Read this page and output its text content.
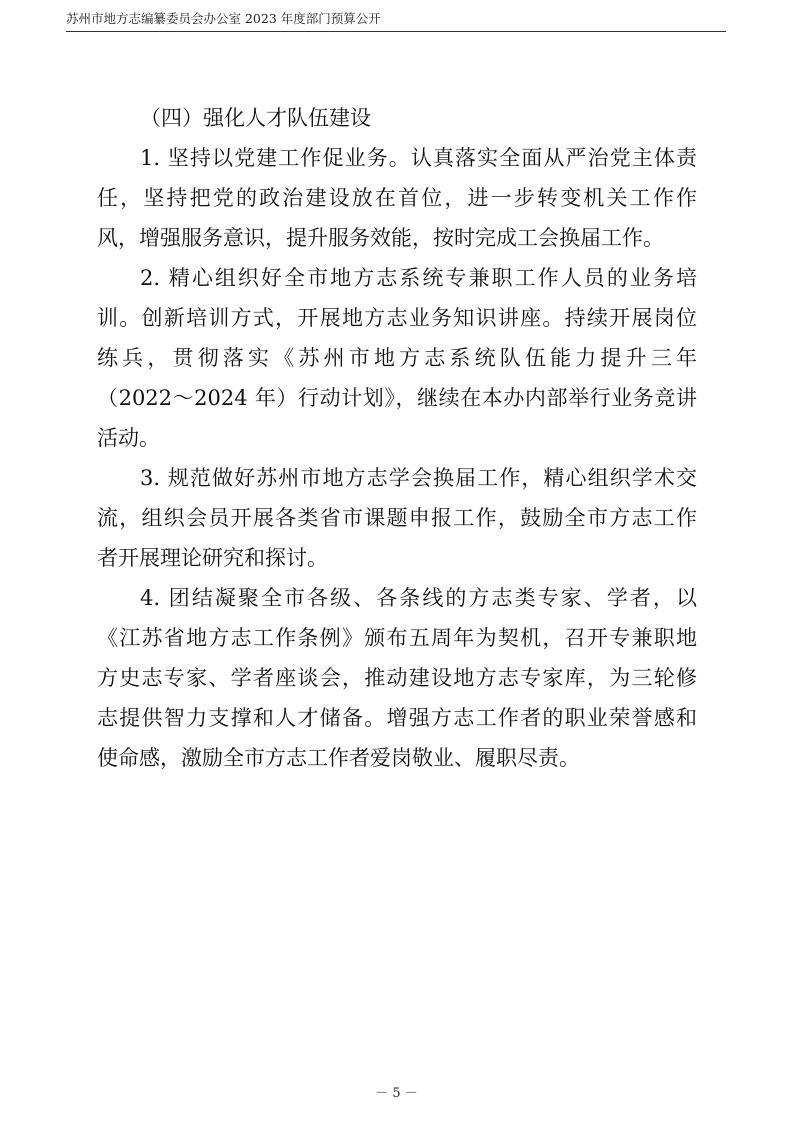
苏州市地方志编纂委员会办公室 2023 年度部门预算公开
（四）强化人才队伍建设

1. 坚持以党建工作促业务。认真落实全面从严治党主体责
任，坚持把党的政治建设放在首位，进一步转变机关工作作
风，增强服务意识，提升服务效能，按时完成工会换届工作。

2. 精心组织好全市地方志系统专兼职工作人员的业务培
训。创新培训方式，开展地方志业务知识讲座。持续开展岗位
练兵，贯彻落实《苏州市地方志系统队伍能力提升三年
（2022～2024 年）行动计划》，继续在本办内部举行业务竞讲
活动。

3. 规范做好苏州市地方志学会换届工作，精心组织学术交
流，组织会员开展各类省市课题申报工作，鼓励全市方志工作
者开展理论研究和探讨。

4. 团结凝聚全市各级、各条线的方志类专家、学者，以
《江苏省地方志工作条例》颁布五周年为契机，召开专兼职地
方史志专家、学者座谈会，推动建设地方志专家库，为三轮修
志提供智力支撑和人才储备。增强方志工作者的职业荣誉感和
使命感，激励全市方志工作者爱岗敬业、履职尽责。

－ 5 －
